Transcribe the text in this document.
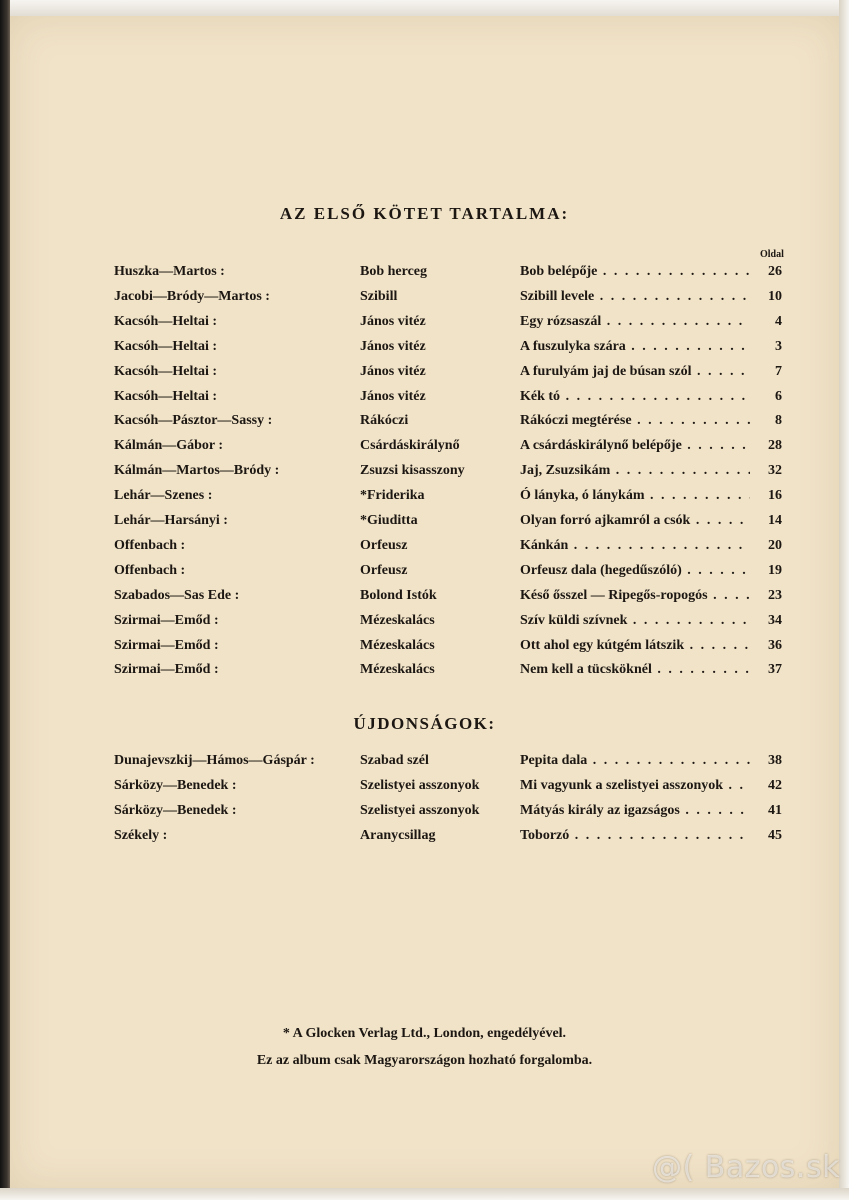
AZ ELSŐ KÖTET TARTALMA:
Oldal
Huszka—Martos :	Bob herceg	Bob belépője . . .	26
Jacobi—Bródy—Martos :	Szibill	Szibill levele . . .	10
Kacsóh—Heltai :	János vitéz	Egy rózsaszál . . .	4
Kacsóh—Heltai :	János vitéz	A fuszulyka szára . . .	3
Kacsóh—Heltai :	János vitéz	A furulyám jaj de búsan szól . . .	7
Kacsóh—Heltai :	János vitéz	Kék tó . . .	6
Kacsóh—Pásztor—Sassy :	Rákóczi	Rákóczi megtérése . . .	8
Kálmán—Gábor :	Csárdáskirálynő	A csárdáskirálynő belépője . . .	28
Kálmán—Martos—Bródy :	Zsuzsi kisasszony	Jaj, Zsuzsikám . . .	32
Lehár—Szenes :	*Friderika	Ó lányka, ó lánykám . . .	16
Lehár—Harsányi :	*Giuditta	Olyan forró ajkamról a csók . . .	14
Offenbach :	Orfeusz	Kánkán . . .	20
Offenbach :	Orfeusz	Orfeusz dala (hegedűszóló) . . .	19
Szabados—Sas Ede :	Bolond Istók	Késő ősszel — Ripegős-ropogós . . .	23
Szirmai—Emőd :	Mézeskalács	Szív küldi szívnek . . .	34
Szirmai—Emőd :	Mézeskalács	Ott ahol egy kútgém látszik . . .	36
Szirmai—Emőd :	Mézeskalács	Nem kell a tücsköknél . . .	37
ÚJDONSÁGOK:
Dunajevszkij—Hámos—Gáspár :	Szabad szél	Pepita dala . . .	38
Sárközy—Benedek :	Szelistyei asszonyok	Mi vagyunk a szelistyei asszonyok . . .	42
Sárközy—Benedek :	Szelistyei asszonyok	Mátyás király az igazságos . . .	41
Székely :	Aranycsillag	Toborzó . . .	45
* A Glocken Verlag Ltd., London, engedélyével.
Ez az album csak Magyarországon hozható forgalomba.
@( Bazos.sk
